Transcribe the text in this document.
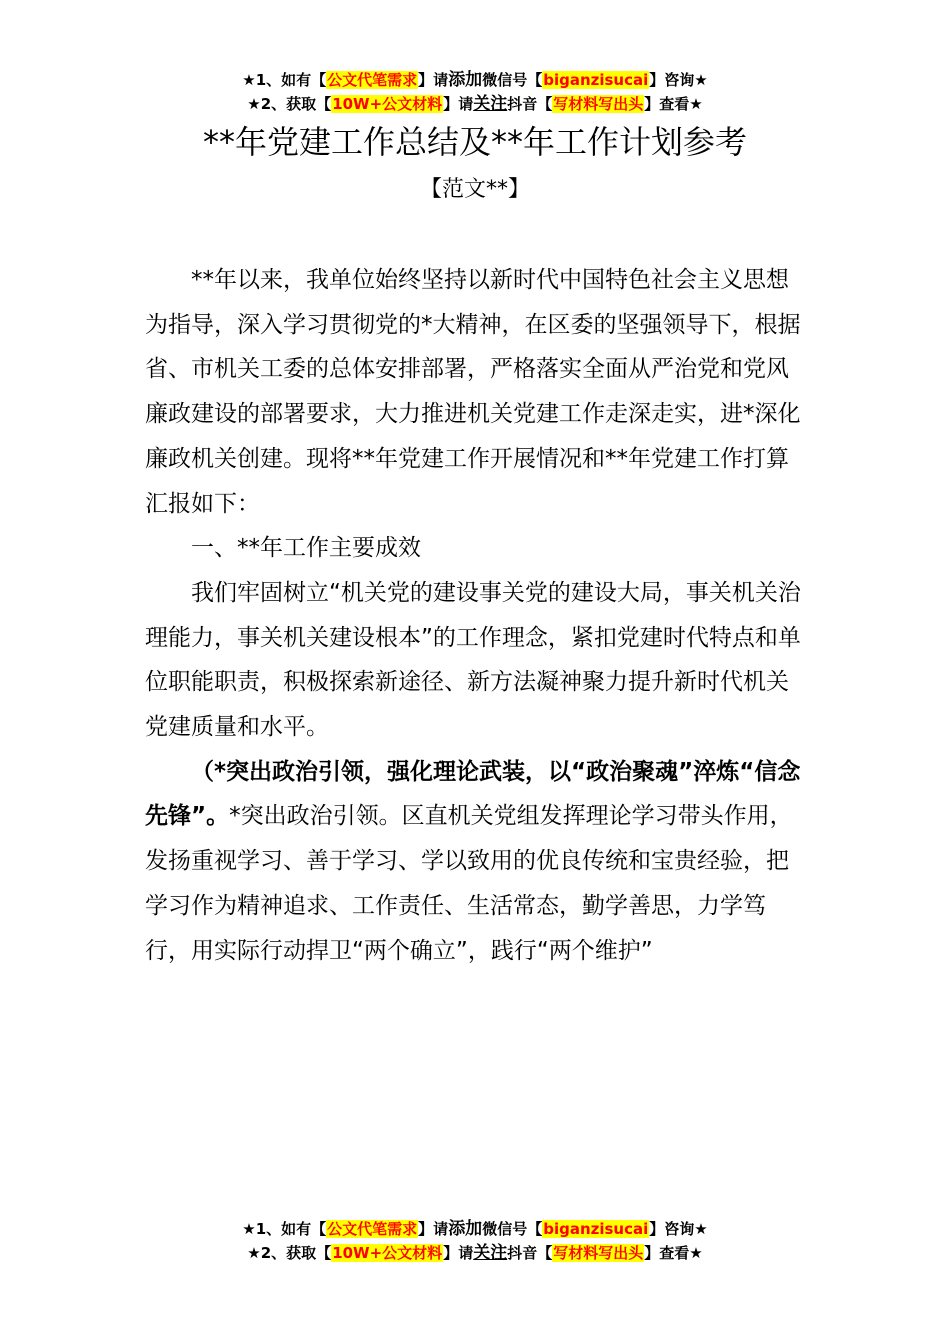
★1、如有【公文代笔需求】请添加微信号【biganzisucai】咨询★
★2、获取【10W+公文材料】请关注抖音【写材料写出头】查看★
**年党建工作总结及**年工作计划参考
【范文**】

**年以来，我单位始终坚持以新时代中国特色社会主义思想为指导，深入学习贯彻党的*大精神，在区委的坚强领导下，根据省、市机关工委的总体安排部署，严格落实全面从严治党和党风廉政建设的部署要求，大力推进机关党建工作走深走实，进*深化廉政机关创建。现将**年党建工作开展情况和**年党建工作打算汇报如下：

一、**年工作主要成效

我们牢固树立“机关党的建设事关党的建设大局，事关机关治理能力，事关机关建设根本”的工作理念，紧扣党建时代特点和单位职能职责，积极探索新途径、新方法凝神聚力提升新时代机关党建质量和水平。

（*突出政治引领，强化理论武装，以“政治聚魂”淬炼“信念先锋”。*突出政治引领。区直机关党组发挥理论学习带头作用，发扬重视学习、善于学习、学以致用的优良传统和宝贵经验，把学习作为精神追求、工作责任、生活常态，勤学善思，力学笃行，用实际行动捍卫“两个确立”，践行“两个维护”

★1、如有【公文代笔需求】请添加微信号【biganzisucai】咨询★
★2、获取【10W+公文材料】请关注抖音【写材料写出头】查看★
